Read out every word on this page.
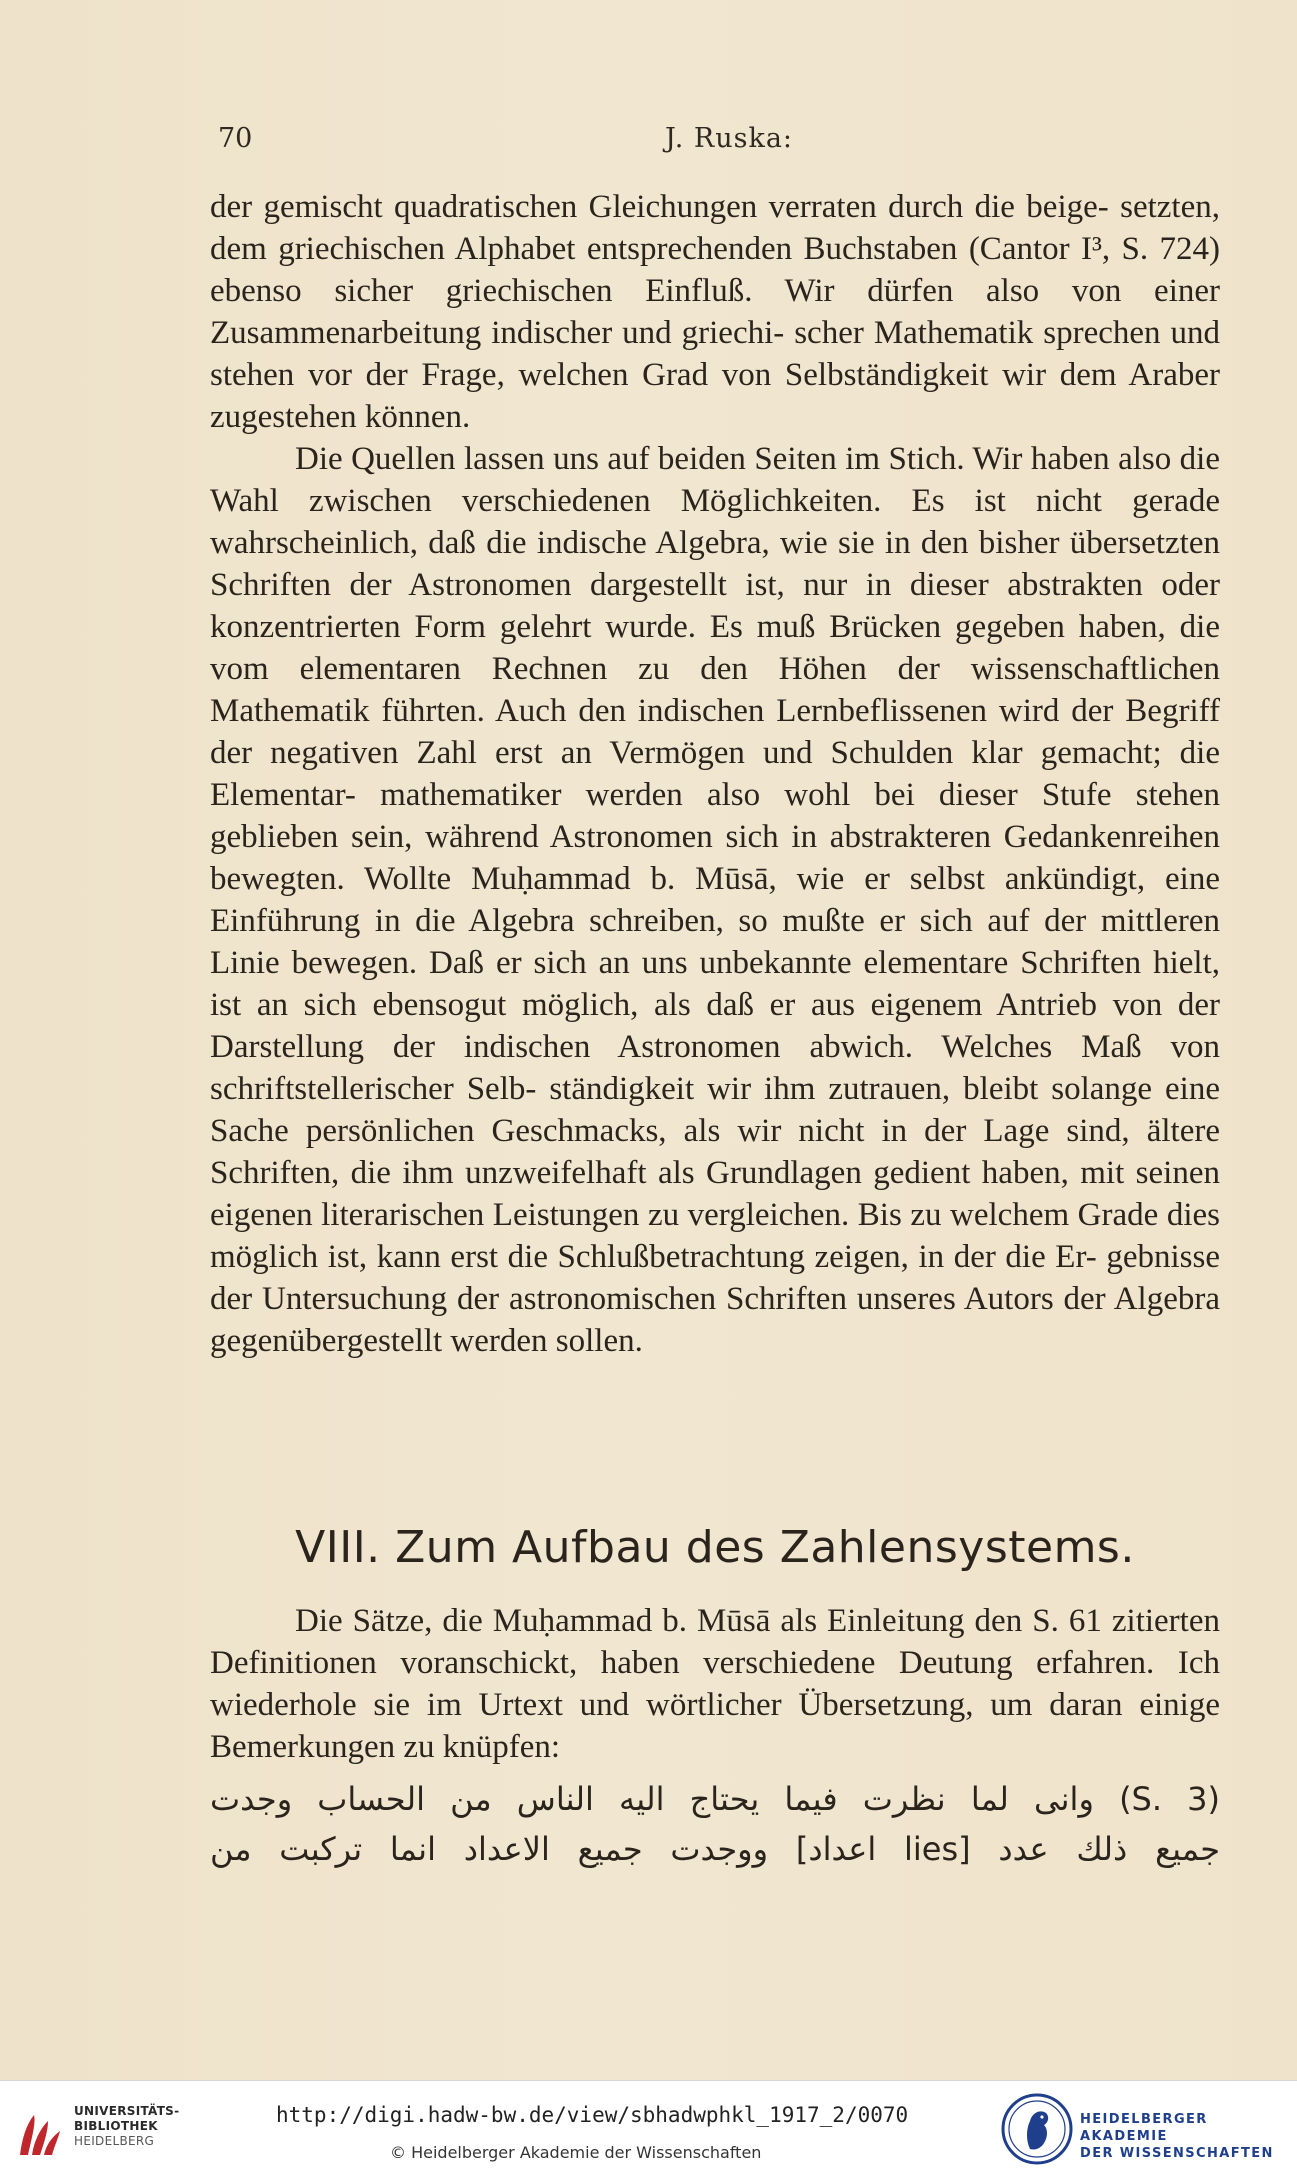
70	J. Ruska:

der gemischt quadratischen Gleichungen verraten durch die beige- setzten, dem griechischen Alphabet entsprechenden Buchstaben (Cantor I³, S. 724) ebenso sicher griechischen Einfluß. Wir dürfen also von einer Zusammenarbeitung indischer und griechi- scher Mathematik sprechen und stehen vor der Frage, welchen Grad von Selbständigkeit wir dem Araber zugestehen können.

Die Quellen lassen uns auf beiden Seiten im Stich. Wir haben also die Wahl zwischen verschiedenen Möglichkeiten. Es ist nicht gerade wahrscheinlich, daß die indische Algebra, wie sie in den bisher übersetzten Schriften der Astronomen dargestellt ist, nur in dieser abstrakten oder konzentrierten Form gelehrt wurde. Es muß Brücken gegeben haben, die vom elementaren Rechnen zu den Höhen der wissenschaftlichen Mathematik führten. Auch den indischen Lernbeflissenen wird der Begriff der negativen Zahl erst an Vermögen und Schulden klar gemacht; die Elementar- mathematiker werden also wohl bei dieser Stufe stehen geblieben sein, während Astronomen sich in abstrakteren Gedankenreihen bewegten. Wollte Muḥammad b. Mūsā, wie er selbst ankündigt, eine Einführung in die Algebra schreiben, so mußte er sich auf der mittleren Linie bewegen. Daß er sich an uns unbekannte elementare Schriften hielt, ist an sich ebensogut möglich, als daß er aus eigenem Antrieb von der Darstellung der indischen Astronomen abwich. Welches Maß von schriftstellerischer Selb- ständigkeit wir ihm zutrauen, bleibt solange eine Sache persönlichen Geschmacks, als wir nicht in der Lage sind, ältere Schriften, die ihm unzweifelhaft als Grundlagen gedient haben, mit seinen eigenen literarischen Leistungen zu vergleichen. Bis zu welchem Grade dies möglich ist, kann erst die Schlußbetrachtung zeigen, in der die Er- gebnisse der Untersuchung der astronomischen Schriften unseres Autors der Algebra gegenübergestellt werden sollen.

VIII. Zum Aufbau des Zahlensystems.

Die Sätze, die Muḥammad b. Mūsā als Einleitung den S. 61 zitierten Definitionen voranschickt, haben verschiedene Deutung erfahren. Ich wiederhole sie im Urtext und wörtlicher Übersetzung, um daran einige Bemerkungen zu knüpfen:

(S. 3) وانى لما نظرت فيما يحتاج اليه الناس من الحساب وجدت
جميع ذلك عدد [lies اعداد] ووجدت جميع الاعداد انما تركبت من
UNIVERSITÄTS-
BIBLIOTHEK
HEIDELBERG
http://digi.hadw-bw.de/view/sbhadwphkl_1917_2/0070
© Heidelberger Akademie der Wissenschaften
HEIDELBERGER AKADEMIE
DER WISSENSCHAFTEN
